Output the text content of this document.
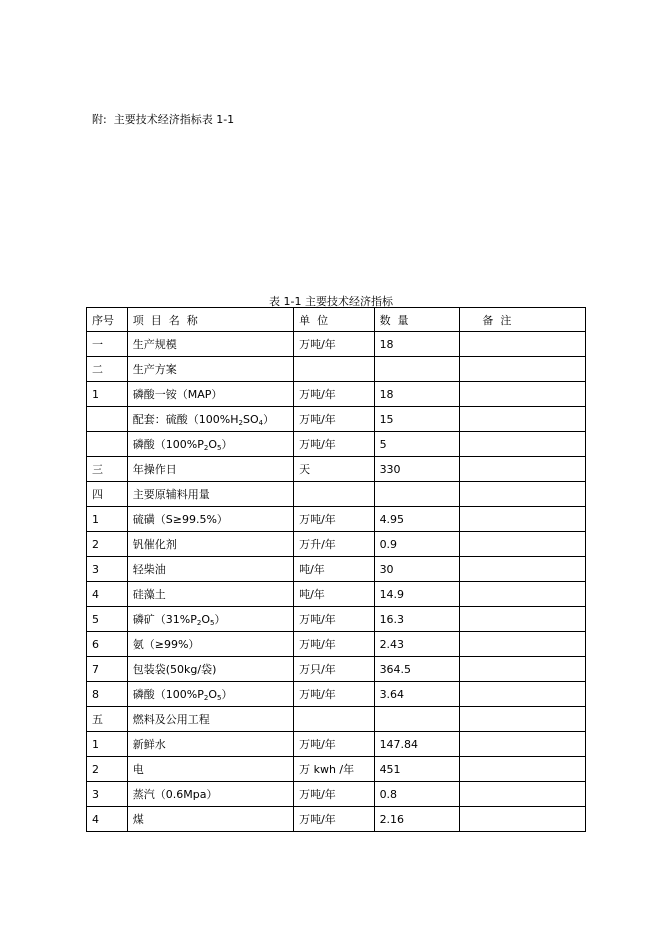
附:  主要技术经济指标表 1-1
表 1-1 主要技术经济指标
序号	项  目  名  称	单  位	数  量	备  注
一	生产规模	万吨/年	18	
二	生产方案			
1	磷酸一铵（MAP）	万吨/年	18	
	配套：硫酸$(100\%H_2SO_4)$	万吨/年	15	
	磷酸$(100\%P_2O_5)$	万吨/年	5	
三	年操作日	天	330	
四	主要原辅料用量			
1	硫磺（S≥99.5%）	万吨/年	4.95	
2	钒催化剂	万升/年	0.9	
3	轻柴油	吨/年	30	
4	硅藻土	吨/年	14.9	
5	磷矿$(31\%P_2O_5)$	万吨/年	16.3	
6	氨（≥99%）	万吨/年	2.43	
7	包装袋(50kg/袋)	万只/年	364.5	
8	磷酸$(100\%P_2O_5)$	万吨/年	3.64	
五	燃料及公用工程			
1	新鲜水	万吨/年	147.84	
2	电	万 kwh /年	451	
3	蒸汽（0.6Mpa）	万吨/年	0.8	
4	煤	万吨/年	2.16	
